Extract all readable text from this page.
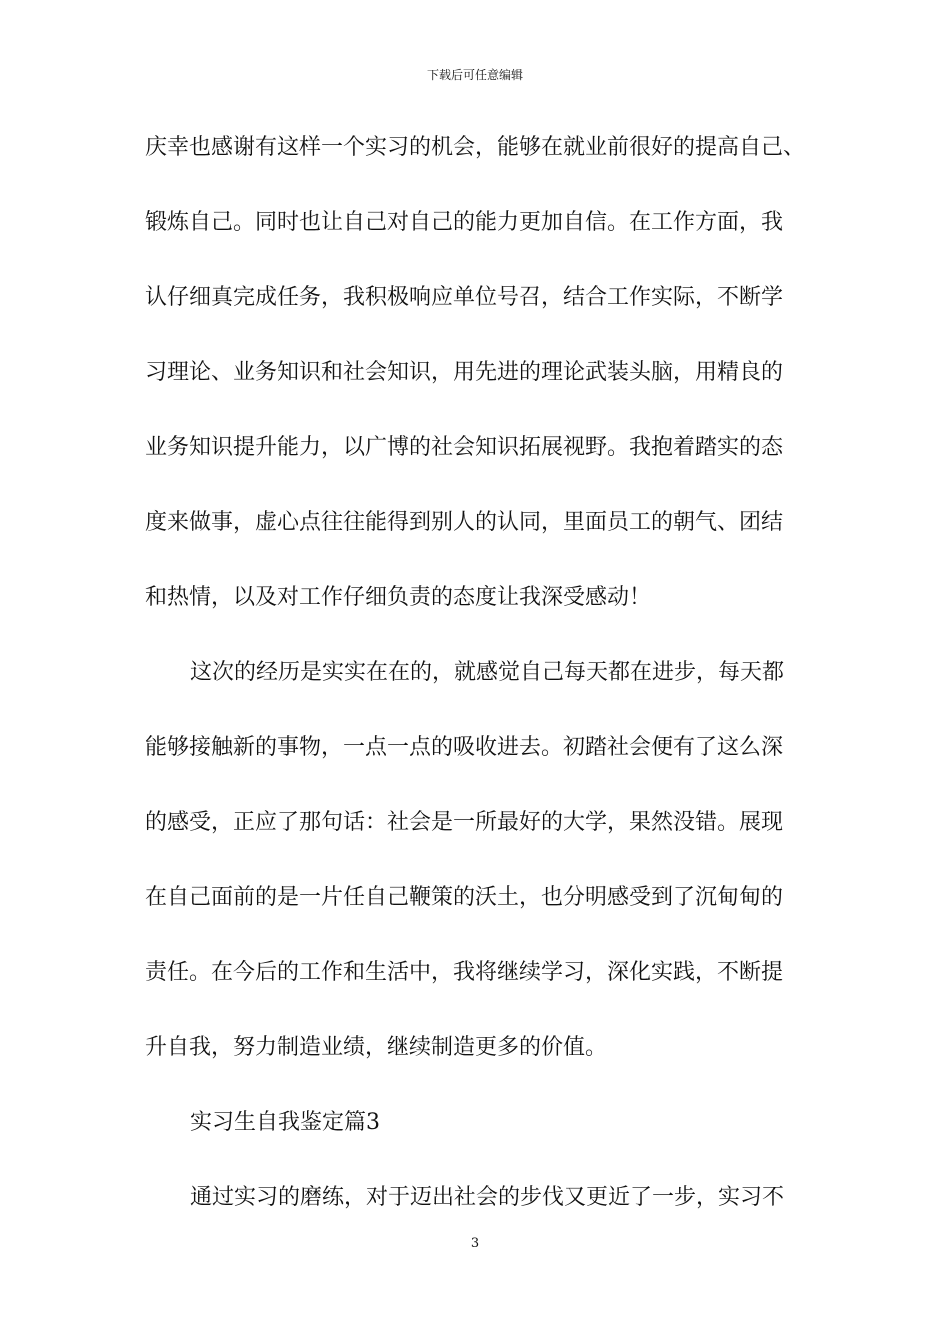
下载后可任意编辑
庆幸也感谢有这样一个实习的机会，能够在就业前很好的提高自己、
锻炼自己。同时也让自己对自己的能力更加自信。在工作方面，我
认仔细真完成任务，我积极响应单位号召，结合工作实际，不断学
习理论、业务知识和社会知识，用先进的理论武装头脑，用精良的
业务知识提升能力，以广博的社会知识拓展视野。我抱着踏实的态
度来做事，虚心点往往能得到别人的认同，里面员工的朝气、团结
和热情，以及对工作仔细负责的态度让我深受感动！
这次的经历是实实在在的，就感觉自己每天都在进步，每天都
能够接触新的事物，一点一点的吸收进去。初踏社会便有了这么深
的感受，正应了那句话：社会是一所最好的大学，果然没错。展现
在自己面前的是一片任自己鞭策的沃土，也分明感受到了沉甸甸的
责任。在今后的工作和生活中，我将继续学习，深化实践，不断提
升自我，努力制造业绩，继续制造更多的价值。
实习生自我鉴定篇3
通过实习的磨练，对于迈出社会的步伐又更近了一步，实习不
3
